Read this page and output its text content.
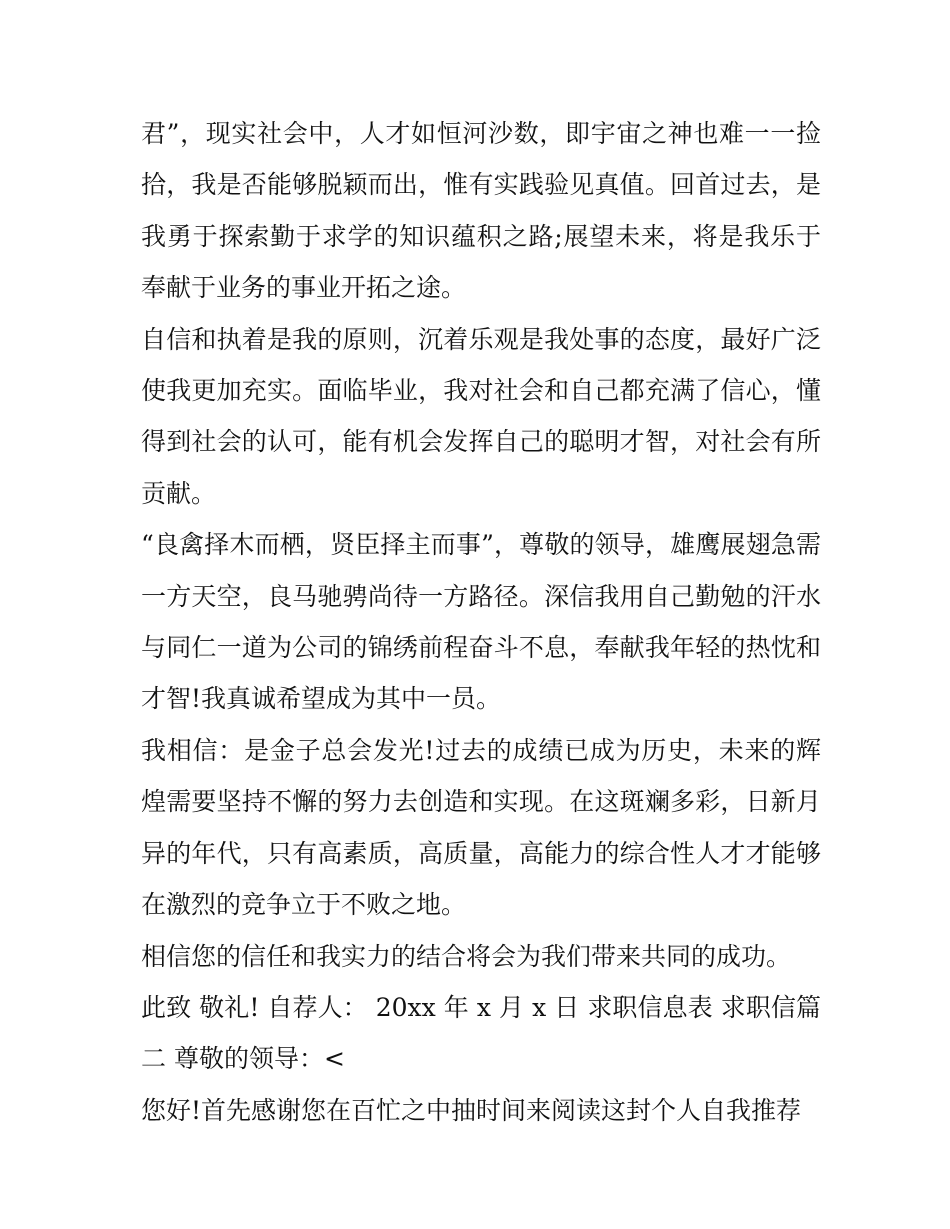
君”，现实社会中，人才如恒河沙数，即宇宙之神也难一一捡拾，我是否能够脱颖而出，惟有实践验见真值。回首过去，是我勇于探索勤于求学的知识蕴积之路;展望未来，将是我乐于奉献于业务的事业开拓之途。

自信和执着是我的原则，沉着乐观是我处事的态度，最好广泛使我更加充实。面临毕业，我对社会和自己都充满了信心，懂得到社会的认可，能有机会发挥自己的聪明才智，对社会有所贡献。

“良禽择木而栖，贤臣择主而事”，尊敬的领导，雄鹰展翅急需一方天空，良马驰骋尚待一方路径。深信我用自己勤勉的汗水与同仁一道为公司的锦绣前程奋斗不息，奉献我年轻的热忱和才智!我真诚希望成为其中一员。

我相信：是金子总会发光!过去的成绩已成为历史，未来的辉煌需要坚持不懈的努力去创造和实现。在这斑斓多彩，日新月异的年代，只有高素质，高质量，高能力的综合性人才才能够在激烈的竞争立于不败之地。

相信您的信任和我实力的结合将会为我们带来共同的成功。

此致 敬礼! 自荐人： 20xx 年 x 月 x 日 求职信息表 求职信篇二 尊敬的领导：<

您好!首先感谢您在百忙之中抽时间来阅读这封个人自我推荐
